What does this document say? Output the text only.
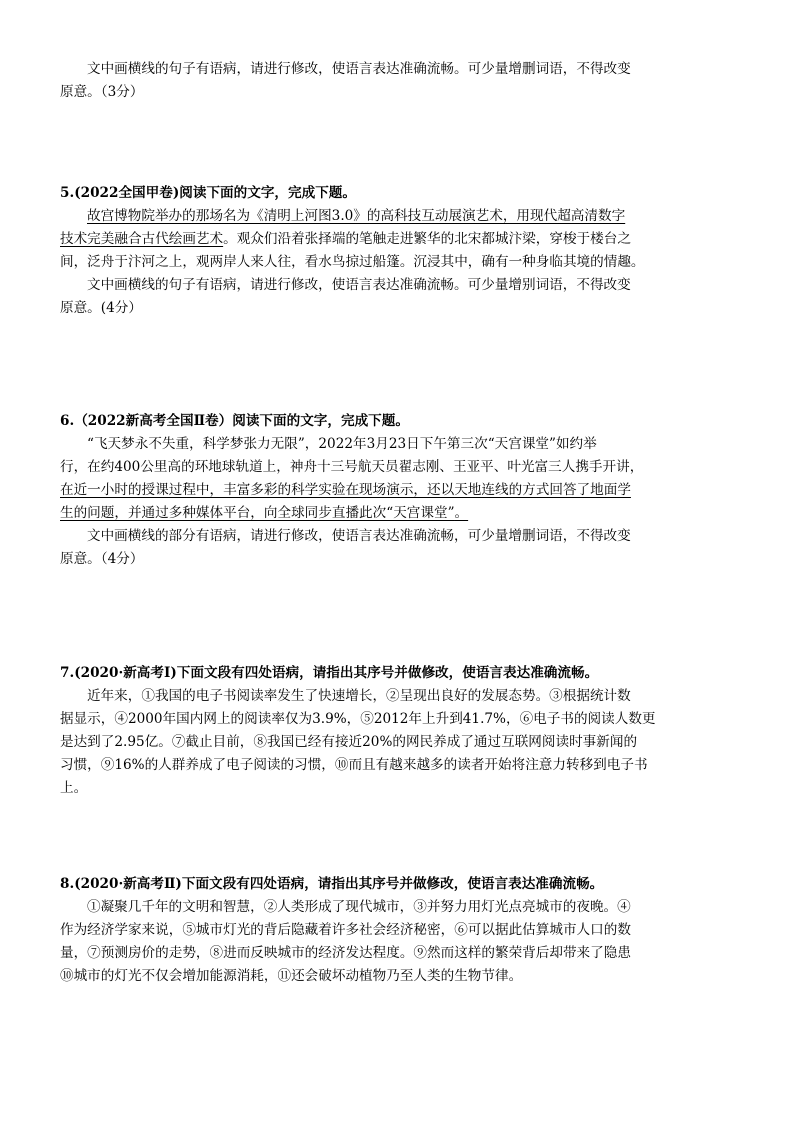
文中画横线的句子有语病，请进行修改，使语言表达准确流畅。可少量增删词语，不得改变
原意。（3分）
5.(2022全国甲卷)阅读下面的文字，完成下题。
故宫博物院举办的那场名为《清明上河图3.0》的高科技互动展演艺术，用现代超高清数字
技术完美融合古代绘画艺术。观众们沿着张择端的笔触走进繁华的北宋都城汴梁，穿梭于楼台之
间，泛舟于汴河之上，观两岸人来人往，看水鸟掠过船篷。沉浸其中，确有一种身临其境的情趣。
文中画横线的句子有语病，请进行修改，使语言表达准确流畅。可少量增别词语，不得改变
原意。(4分）
6.（2022新高考全国Ⅱ卷）阅读下面的文字，完成下题。
“飞天梦永不失重，科学梦张力无限”，2022年3月23日下午第三次“天宫课堂”如约举
行，在约400公里高的环地球轨道上，神舟十三号航天员翟志刚、王亚平、叶光富三人携手开讲，
在近一小时的授课过程中，丰富多彩的科学实验在现场演示，还以天地连线的方式回答了地面学
生的问题，并通过多种媒体平台，向全球同步直播此次“天宫课堂”。
文中画横线的部分有语病，请进行修改，使语言表达准确流畅，可少量增删词语，不得改变
原意。（4分）
7.(2020·新高考Ⅰ)下面文段有四处语病，请指出其序号并做修改，使语言表达准确流畅。
近年来，①我国的电子书阅读率发生了快速增长，②呈现出良好的发展态势。③根据统计数
据显示，④2000年国内网上的阅读率仅为3.9%，⑤2012年上升到41.7%，⑥电子书的阅读人数更
是达到了2.95亿。⑦截止目前，⑧我国已经有接近20%的网民养成了通过互联网阅读时事新闻的
习惯，⑨16%的人群养成了电子阅读的习惯，⑩而且有越来越多的读者开始将注意力转移到电子书
上。
8.(2020·新高考Ⅱ)下面文段有四处语病，请指出其序号并做修改，使语言表达准确流畅。
①凝聚几千年的文明和智慧，②人类形成了现代城市，③并努力用灯光点亮城市的夜晚。④
作为经济学家来说，⑤城市灯光的背后隐藏着许多社会经济秘密，⑥可以据此估算城市人口的数
量，⑦预测房价的走势，⑧进而反映城市的经济发达程度。⑨然而这样的繁荣背后却带来了隐患
⑩城市的灯光不仅会增加能源消耗，⑪还会破坏动植物乃至人类的生物节律。
